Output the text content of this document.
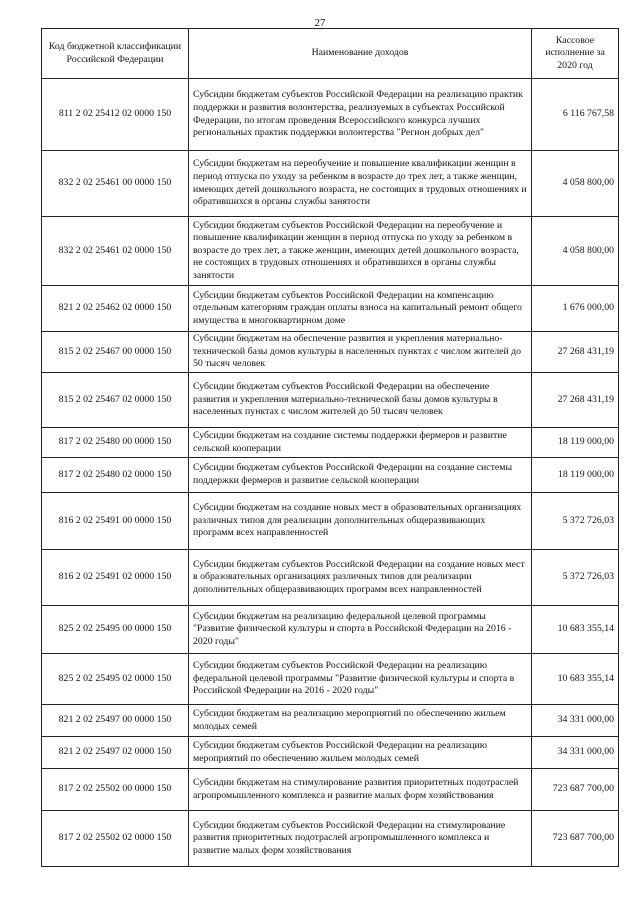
27
Код бюджетной классификации Российской Федерации	Наименование доходов	Кассовое исполнение за 2020 год
811 2 02 25412 02 0000 150	Субсидии бюджетам субъектов Российской Федерации на реализацию практик поддержки и развития волонтерства, реализуемых в субъектах Российской Федерации, по итогам проведения Всероссийского конкурса лучших региональных практик поддержки волонтерства "Регион добрых дел"	6 116 767,58
832 2 02 25461 00 0000 150	Субсидии бюджетам на переобучение и повышение квалификации женщин в период отпуска по уходу за ребенком в возрасте до трех лет, а также женщин, имеющих детей дошкольного возраста, не состоящих в трудовых отношениях и обратившихся в органы службы занятости	4 058 800,00
832 2 02 25461 02 0000 150	Субсидии бюджетам субъектов Российской Федерации на переобучение и повышение квалификации женщин в период отпуска по уходу за ребенком в возрасте до трех лет, а также женщин, имеющих детей дошкольного возраста, не состоящих в трудовых отношениях и обратившихся в органы службы занятости	4 058 800,00
821 2 02 25462 02 0000 150	Субсидии бюджетам субъектов Российской Федерации на компенсацию отдельным категориям граждан оплаты взноса на капитальный ремонт общего имущества в многоквартирном доме	1 676 000,00
815 2 02 25467 00 0000 150	Субсидии бюджетам на обеспечение развития и укрепления материально-технической базы домов культуры в населенных пунктах с числом жителей до 50 тысяч человек	27 268 431,19
815 2 02 25467 02 0000 150	Субсидии бюджетам субъектов Российской Федерации на обеспечение развития и укрепления материально-технической базы домов культуры в населенных пунктах с числом жителей до 50 тысяч человек	27 268 431,19
817 2 02 25480 00 0000 150	Субсидии бюджетам на создание системы поддержки фермеров и развитие сельской кооперации	18 119 000,00
817 2 02 25480 02 0000 150	Субсидии бюджетам субъектов Российской Федерации на создание системы поддержки фермеров и развитие сельской кооперации	18 119 000,00
816 2 02 25491 00 0000 150	Субсидии бюджетам на создание новых мест в образовательных организациях различных типов для реализации дополнительных общеразвивающих программ всех направленностей	5 372 726,03
816 2 02 25491 02 0000 150	Субсидии бюджетам субъектов Российской Федерации на создание новых мест в образовательных организациях различных типов для реализации дополнительных общеразвивающих программ всех направленностей	5 372 726,03
825 2 02 25495 00 0000 150	Субсидии бюджетам на реализацию федеральной целевой программы "Развитие физической культуры и спорта в Российской Федерации на 2016 - 2020 годы"	10 683 355,14
825 2 02 25495 02 0000 150	Субсидии бюджетам субъектов Российской Федерации на реализацию федеральной целевой программы "Развитие физической культуры и спорта в Российской Федерации на 2016 - 2020 годы"	10 683 355,14
821 2 02 25497 00 0000 150	Субсидии бюджетам на реализацию мероприятий по обеспечению жильем молодых семей	34 331 000,00
821 2 02 25497 02 0000 150	Субсидии бюджетам субъектов Российской Федерации на реализацию мероприятий по обеспечению жильем молодых семей	34 331 000,00
817 2 02 25502 00 0000 150	Субсидии бюджетам на стимулирование развития приоритетных подотраслей агропромышленного комплекса и развитие малых форм хозяйствования	723 687 700,00
817 2 02 25502 02 0000 150	Субсидии бюджетам субъектов Российской Федерации на стимулирование развития приоритетных подотраслей агропромышленного комплекса и развитие малых форм хозяйствования	723 687 700,00
